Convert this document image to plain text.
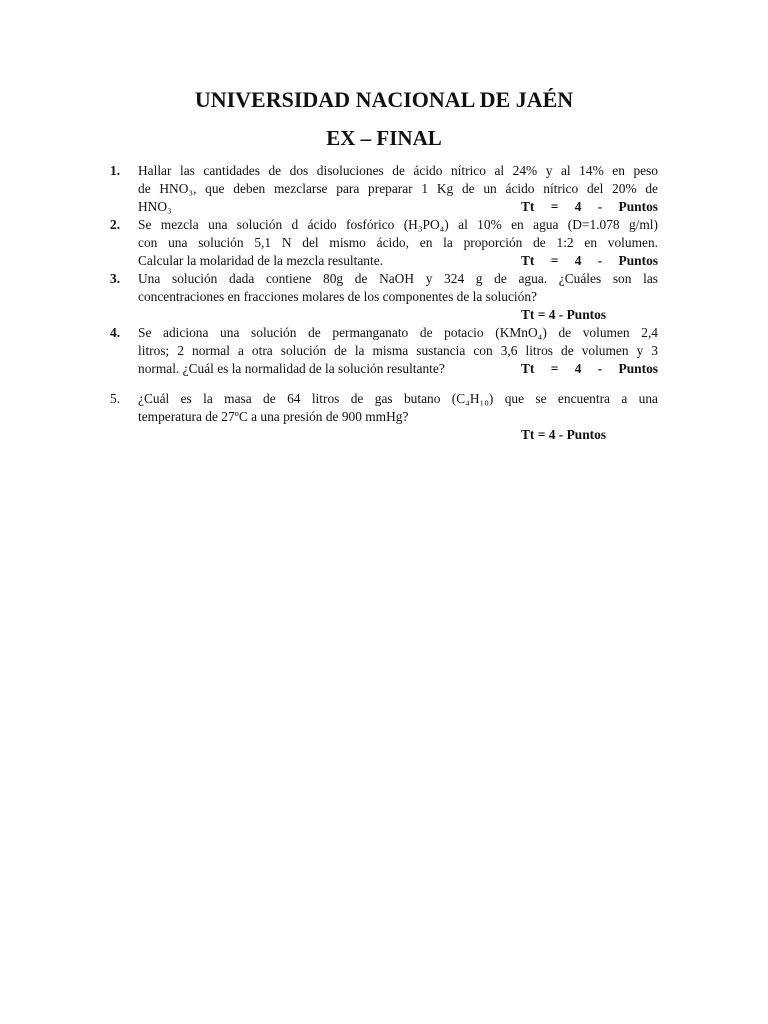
UNIVERSIDAD NACIONAL DE JAÉN
EX – FINAL
1.	Hallar las cantidades de dos disoluciones de ácido nítrico al 24% y al 14% en peso
de HNO₃, que deben mezclarse para preparar 1 Kg de un ácido nítrico del 20% de
HNO₃	Tt = 4 - Puntos
2.	Se mezcla una solución d ácido fosfórico (H₃PO₄) al 10% en agua (D=1.078 g/ml)
con una solución 5,1 N del mismo ácido, en la proporción de 1:2 en volumen.
Calcular la molaridad de la mezcla resultante.	Tt = 4 - Puntos
3.	Una solución dada contiene 80g de NaOH y 324 g de agua. ¿Cuáles son las
concentraciones en fracciones molares de los componentes de la solución?
Tt = 4 - Puntos
4.	Se adiciona una solución de permanganato de potacio (KMnO₄) de volumen 2,4
litros; 2 normal a otra solución de la misma sustancia con 3,6 litros de volumen y 3
normal. ¿Cuál es la normalidad de la solución resultante?	Tt = 4 - Puntos
5.	¿Cuál es la masa de 64 litros de gas butano (C₄H₁₀) que se encuentra a una
temperatura de 27ºC a una presión de 900 mmHg?
Tt = 4 - Puntos
